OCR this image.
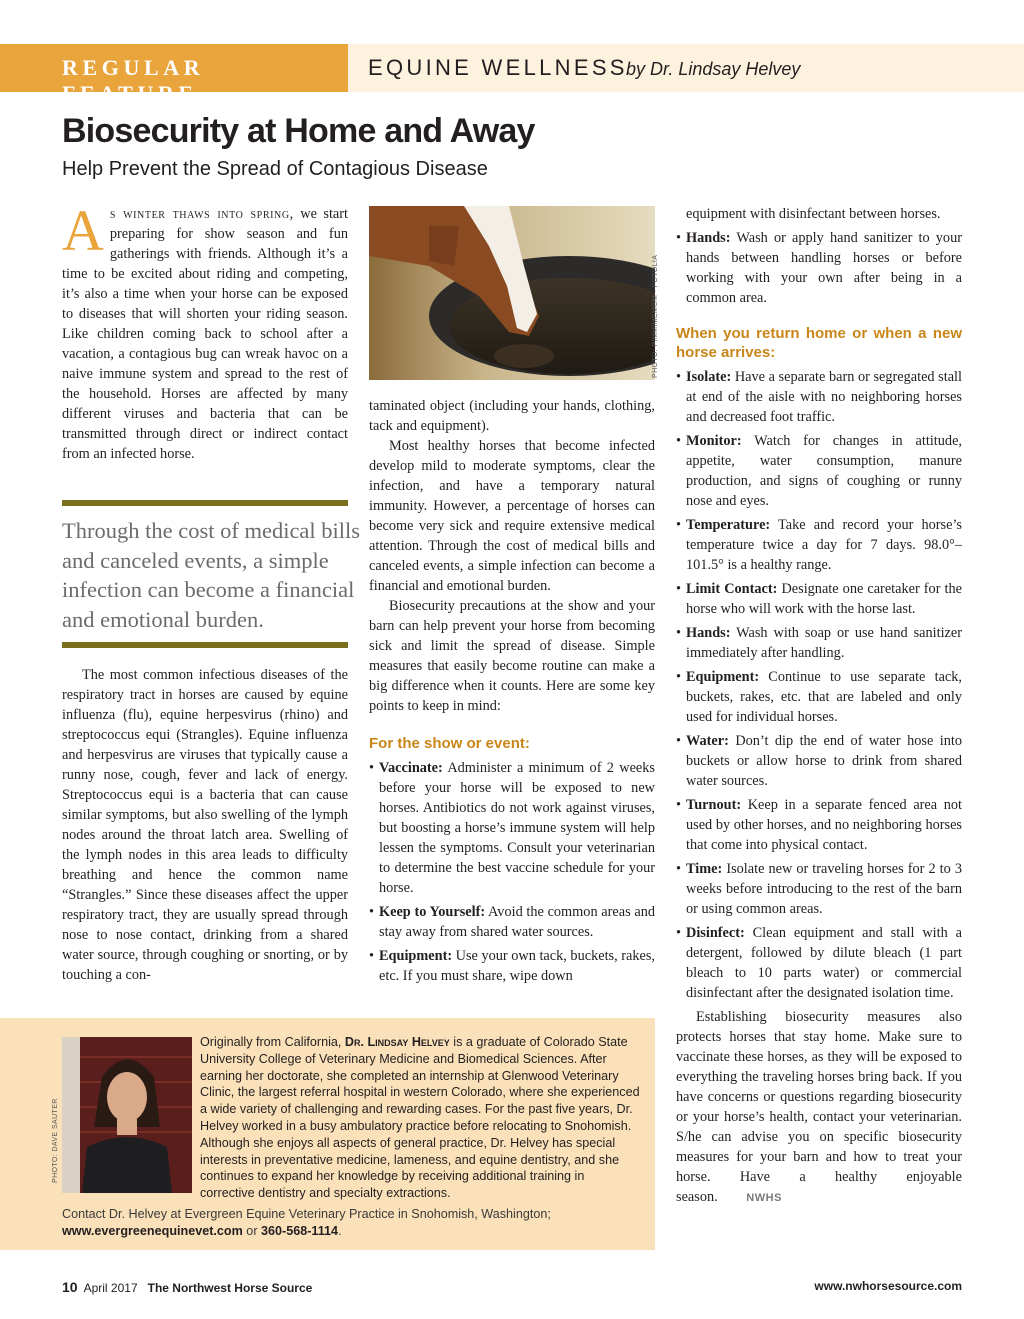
REGULAR FEATURE
EQUINE WELLNESS
by Dr. Lindsay Helvey
Biosecurity at Home and Away
Help Prevent the Spread of Contagious Disease

As winter thaws into spring, we start preparing for show season and fun gatherings with friends. Although it’s a time to be excited about riding and competing, it’s also a time when your horse can be exposed to diseases that will shorten your riding season. Like children coming back to school after a vacation, a contagious bug can wreak havoc on a naive immune system and spread to the rest of the household. Horses are affected by many different viruses and bacteria that can be transmitted through direct or indirect contact from an infected horse.

Through the cost of medical bills and canceled events, a simple infection can become a financial and emotional burden.

The most common infectious diseases of the respiratory tract in horses are caused by equine influenza (flu), equine herpesvirus (rhino) and streptococcus equi (Strangles). Equine influenza and herpesvirus are viruses that typically cause a runny nose, cough, fever and lack of energy. Streptococcus equi is a bacteria that can cause similar symptoms, but also swelling of the lymph nodes around the throat latch area. Swelling of the lymph nodes in this area leads to difficulty breathing and hence the common name “Strangles.” Since these diseases affect the upper respiratory tract, they are usually spread through nose to nose contact, drinking from a shared water source, through coughing or snorting, or by touching a con-

PHOTO: PIMMIMEMOM · FOTOLIA

taminated object (including your hands, clothing, tack and equipment).

Most healthy horses that become infected develop mild to moderate symptoms, clear the infection, and have a temporary natural immunity. However, a percentage of horses can become very sick and require extensive medical attention. Through the cost of medical bills and canceled events, a simple infection can become a financial and emotional burden.

Biosecurity precautions at the show and your barn can help prevent your horse from becoming sick and limit the spread of disease. Simple measures that easily become routine can make a big difference when it counts. Here are some key points to keep in mind:

For the show or event:
• Vaccinate: Administer a minimum of 2 weeks before your horse will be exposed to new horses. Antibiotics do not work against viruses, but boosting a horse’s immune system will help lessen the symptoms. Consult your veterinarian to determine the best vaccine schedule for your horse.
• Keep to Yourself: Avoid the common areas and stay away from shared water sources.
• Equipment: Use your own tack, buckets, rakes, etc. If you must share, wipe down

equipment with disinfectant between horses.

• Hands: Wash or apply hand sanitizer to your hands between handling horses or before working with your own after being in a common area.
When you return home or when a new horse arrives:
• Isolate: Have a separate barn or segregated stall at end of the aisle with no neighboring horses and decreased foot traffic.
• Monitor: Watch for changes in attitude, appetite, water consumption, manure production, and signs of coughing or runny nose and eyes.
• Temperature: Take and record your horse’s temperature twice a day for 7 days. 98.0°–101.5° is a healthy range.
• Limit Contact: Designate one caretaker for the horse who will work with the horse last.
• Hands: Wash with soap or use hand sanitizer immediately after handling.
• Equipment: Continue to use separate tack, buckets, rakes, etc. that are labeled and only used for individual horses.
• Water: Don’t dip the end of water hose into buckets or allow horse to drink from shared water sources.
• Turnout: Keep in a separate fenced area not used by other horses, and no neighboring horses that come into physical contact.
• Time: Isolate new or traveling horses for 2 to 3 weeks before introducing to the rest of the barn or using common areas.
• Disinfect: Clean equipment and stall with a detergent, followed by dilute bleach (1 part bleach to 10 parts water) or commercial disinfectant after the designated isolation time.

Establishing biosecurity measures also protects horses that stay home. Make sure to vaccinate these horses, as they will be exposed to everything the traveling horses bring back. If you have concerns or questions regarding biosecurity or your horse’s health, contact your veterinarian. S/he can advise you on specific biosecurity measures for your barn and how to treat your horse. Have a healthy enjoyable season.	NWHS

PHOTO: DAVE SAUTER

Originally from California, Dr. Lindsay Helvey is a graduate of Colorado State University College of Veterinary Medicine and Biomedical Sciences. After earning her doctorate, she completed an internship at Glenwood Veterinary Clinic, the largest referral hospital in western Colorado, where she experienced a wide variety of challenging and rewarding cases. For the past five years, Dr. Helvey worked in a busy ambulatory practice before relocating to Snohomish. Although she enjoys all aspects of general practice, Dr. Helvey has special interests in preventative medicine, lameness, and equine dentistry, and she continues to expand her knowledge by receiving additional training in corrective dentistry and specialty extractions.

Contact Dr. Helvey at Evergreen Equine Veterinary Practice in Snohomish, Washington;
www.evergreenequinevet.com or 360-568-1114.

10 April 2017 The Northwest Horse Source	www.nwhorsesource.com
